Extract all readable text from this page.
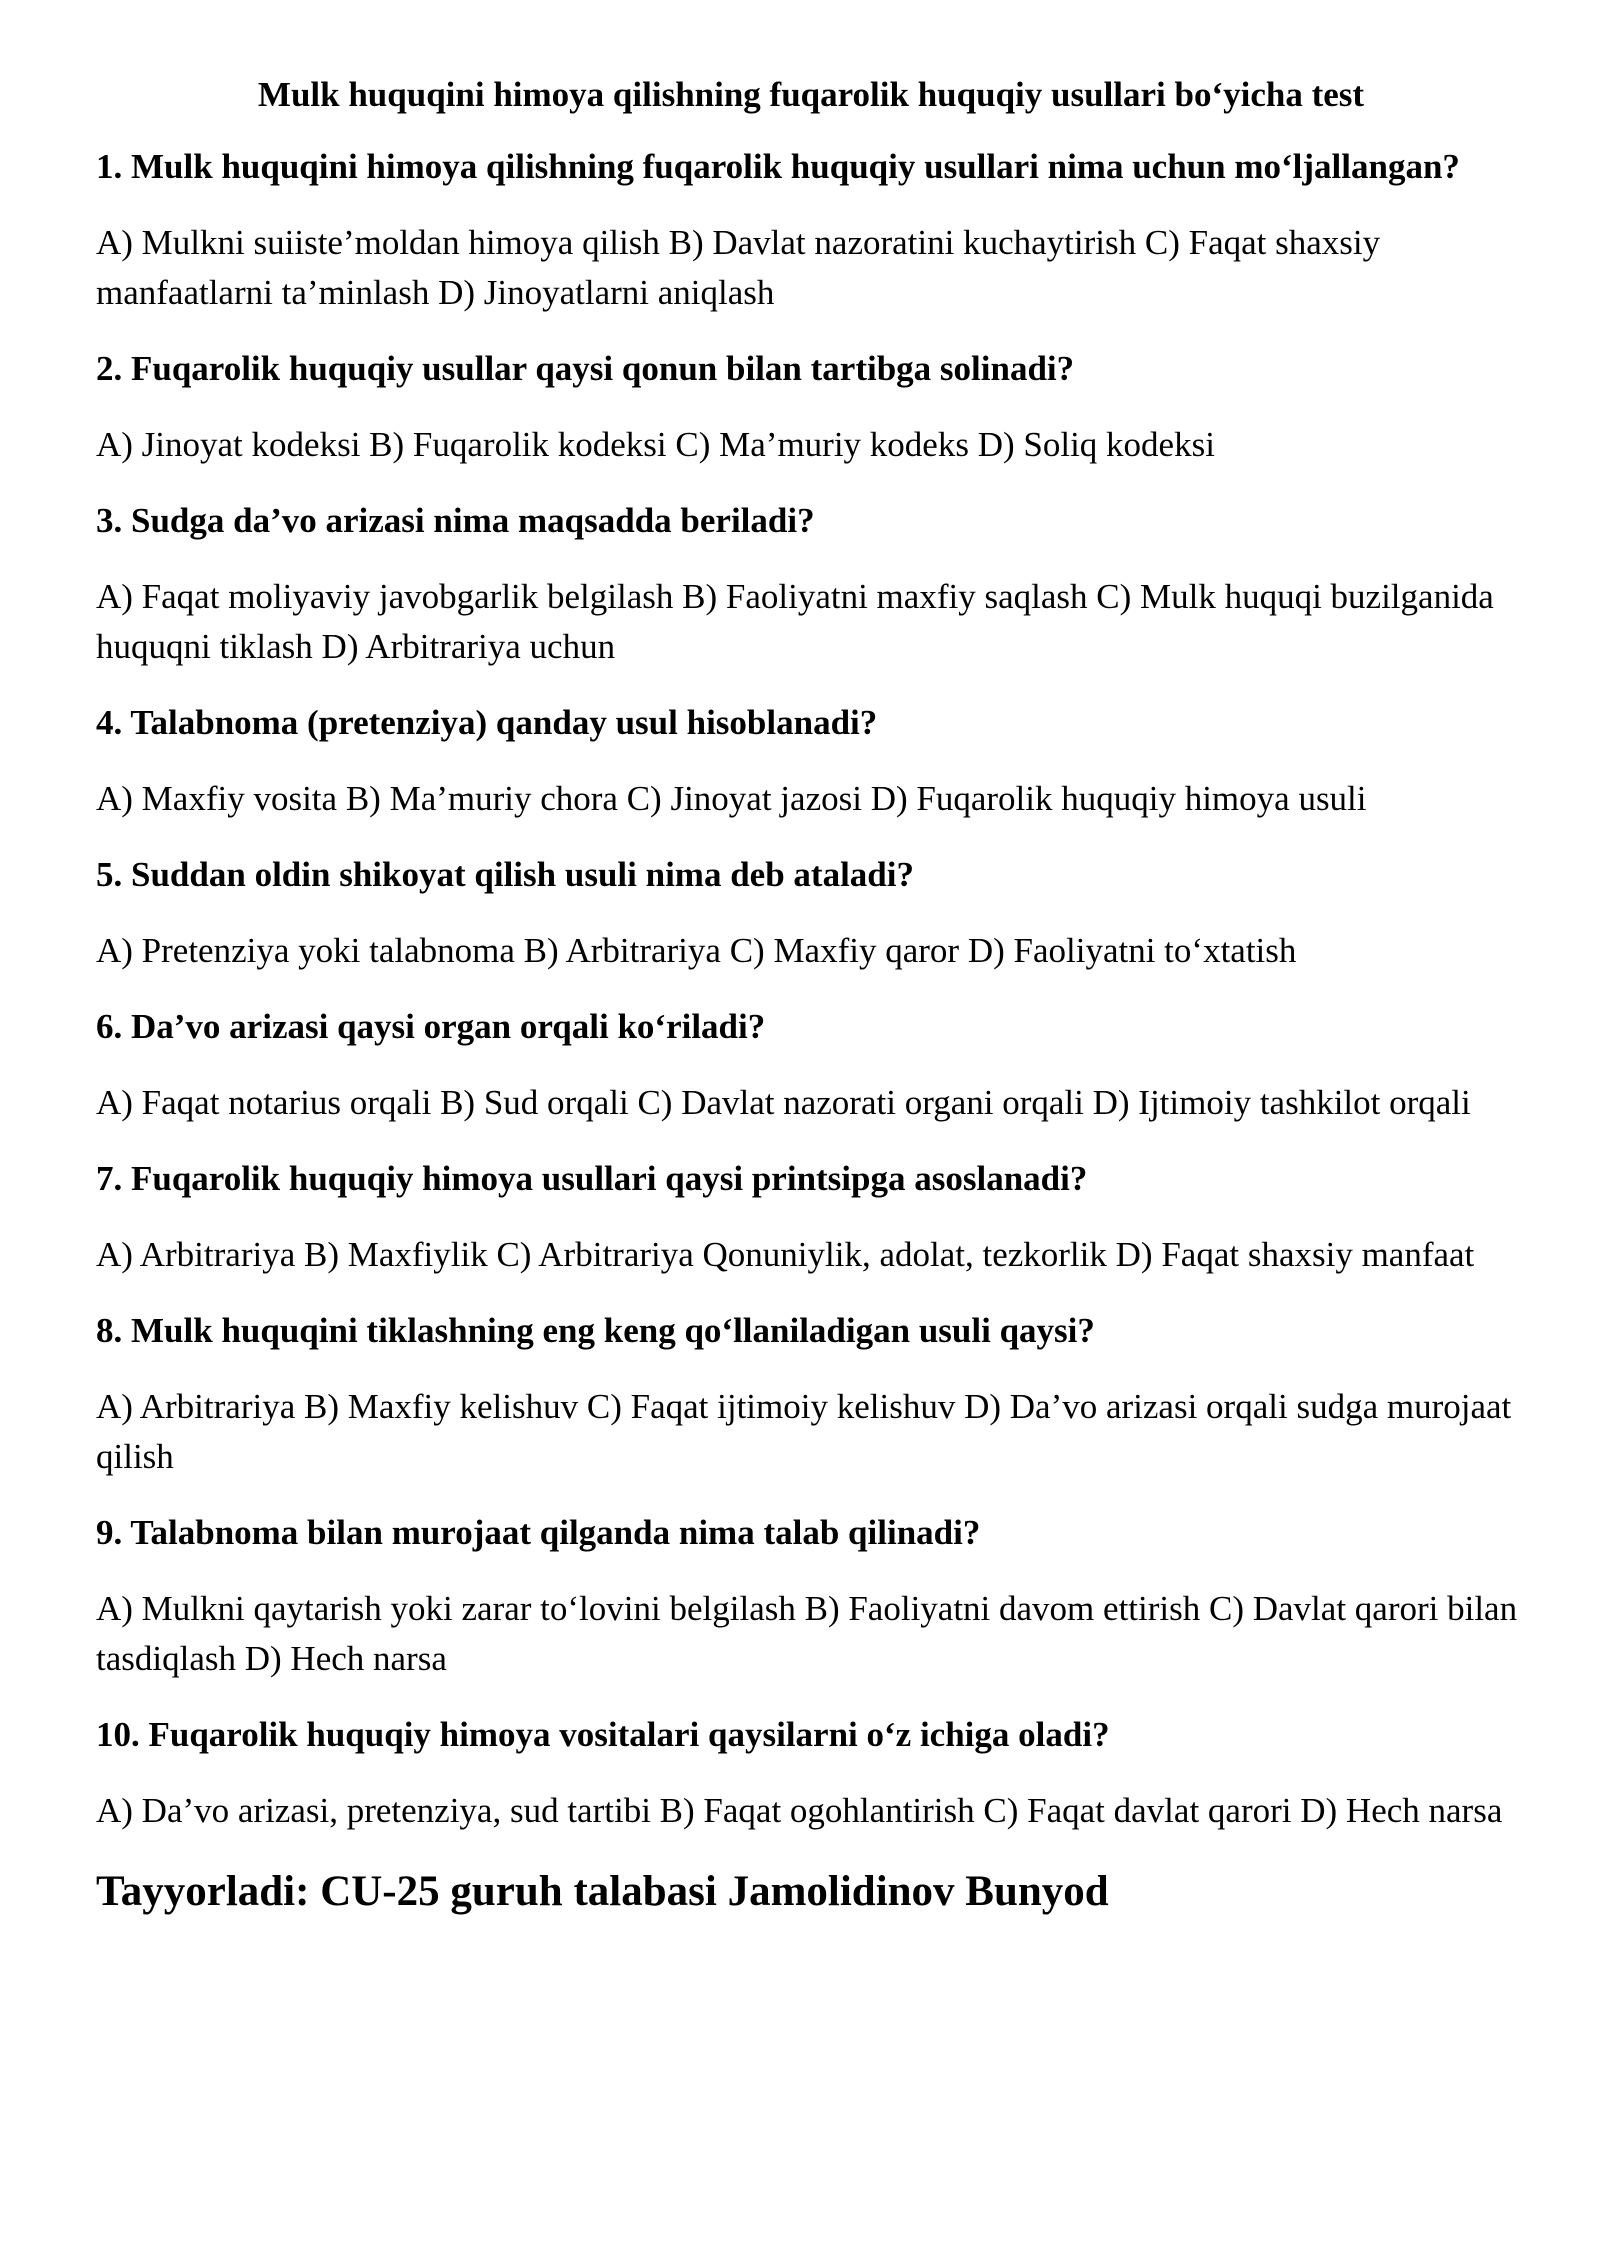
Mulk huquqini himoya qilishning fuqarolik huquqiy usullari bo‘yicha test
1. Mulk huquqini himoya qilishning fuqarolik huquqiy usullari nima uchun mo‘ljallangan?
A) Mulkni suiiste’moldan himoya qilish B) Davlat nazoratini kuchaytirish C) Faqat shaxsiy manfaatlarni ta’minlash D) Jinoyatlarni aniqlash
2. Fuqarolik huquqiy usullar qaysi qonun bilan tartibga solinadi?
A) Jinoyat kodeksi B) Fuqarolik kodeksi C) Ma’muriy kodeks D) Soliq kodeksi
3. Sudga da’vo arizasi nima maqsadda beriladi?
A) Faqat moliyaviy javobgarlik belgilash B) Faoliyatni maxfiy saqlash C) Mulk huquqi buzilganida huquqni tiklash D) Arbitrariya uchun
4. Talabnoma (pretenziya) qanday usul hisoblanadi?
A) Maxfiy vosita B) Ma’muriy chora C) Jinoyat jazosi D) Fuqarolik huquqiy himoya usuli
5. Suddan oldin shikoyat qilish usuli nima deb ataladi?
A) Pretenziya yoki talabnoma B) Arbitrariya C) Maxfiy qaror D) Faoliyatni to‘xtatish
6. Da’vo arizasi qaysi organ orqali ko‘riladi?
A) Faqat notarius orqali B) Sud orqali C) Davlat nazorati organi orqali D) Ijtimoiy tashkilot orqali
7. Fuqarolik huquqiy himoya usullari qaysi printsipga asoslanadi?
A) Arbitrariya B) Maxfiylik C) Arbitrariya Qonuniylik, adolat, tezkorlik D) Faqat shaxsiy manfaat
8. Mulk huquqini tiklashning eng keng qo‘llaniladigan usuli qaysi?
A) Arbitrariya B) Maxfiy kelishuv C) Faqat ijtimoiy kelishuv D) Da’vo arizasi orqali sudga murojaat qilish
9. Talabnoma bilan murojaat qilganda nima talab qilinadi?
A) Mulkni qaytarish yoki zarar to‘lovini belgilash B) Faoliyatni davom ettirish C) Davlat qarori bilan tasdiqlash D) Hech narsa
10. Fuqarolik huquqiy himoya vositalari qaysilarni o‘z ichiga oladi?
A) Da’vo arizasi, pretenziya, sud tartibi B) Faqat ogohlantirish C) Faqat davlat qarori D) Hech narsa
Tayyorladi: CU-25 guruh talabasi Jamolidinov Bunyod
